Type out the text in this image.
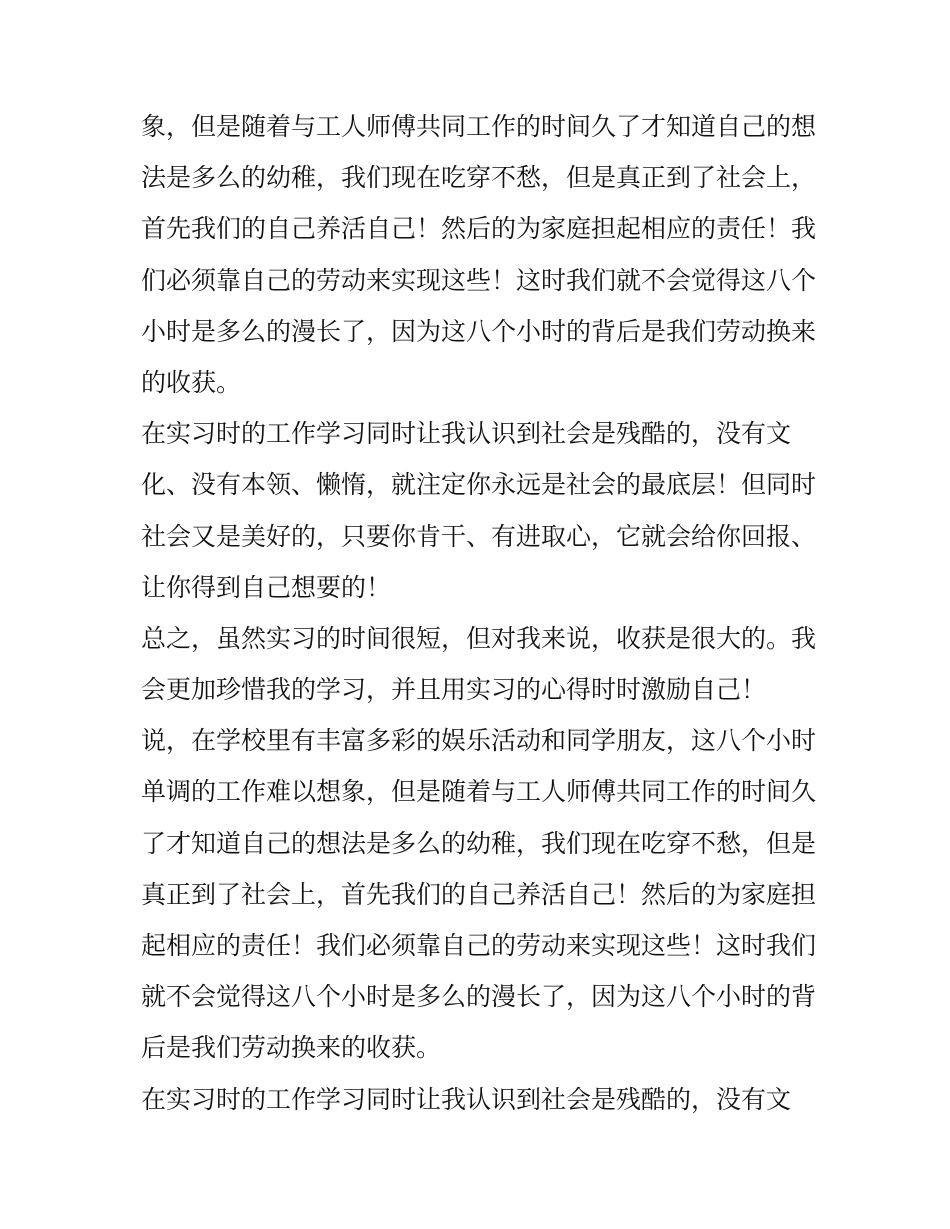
象，但是随着与工人师傅共同工作的时间久了才知道自己的想
法是多么的幼稚，我们现在吃穿不愁，但是真正到了社会上，
首先我们的自己养活自己！然后的为家庭担起相应的责任！我
们必须靠自己的劳动来实现这些！这时我们就不会觉得这八个
小时是多么的漫长了，因为这八个小时的背后是我们劳动换来
的收获。
在实习时的工作学习同时让我认识到社会是残酷的，没有文
化、没有本领、懒惰，就注定你永远是社会的最底层！但同时
社会又是美好的，只要你肯干、有进取心，它就会给你回报、
让你得到自己想要的！
总之，虽然实习的时间很短，但对我来说，收获是很大的。我
会更加珍惜我的学习，并且用实习的心得时时激励自己！
说，在学校里有丰富多彩的娱乐活动和同学朋友，这八个小时
单调的工作难以想象，但是随着与工人师傅共同工作的时间久
了才知道自己的想法是多么的幼稚，我们现在吃穿不愁，但是
真正到了社会上，首先我们的自己养活自己！然后的为家庭担
起相应的责任！我们必须靠自己的劳动来实现这些！这时我们
就不会觉得这八个小时是多么的漫长了，因为这八个小时的背
后是我们劳动换来的收获。
在实习时的工作学习同时让我认识到社会是残酷的，没有文
